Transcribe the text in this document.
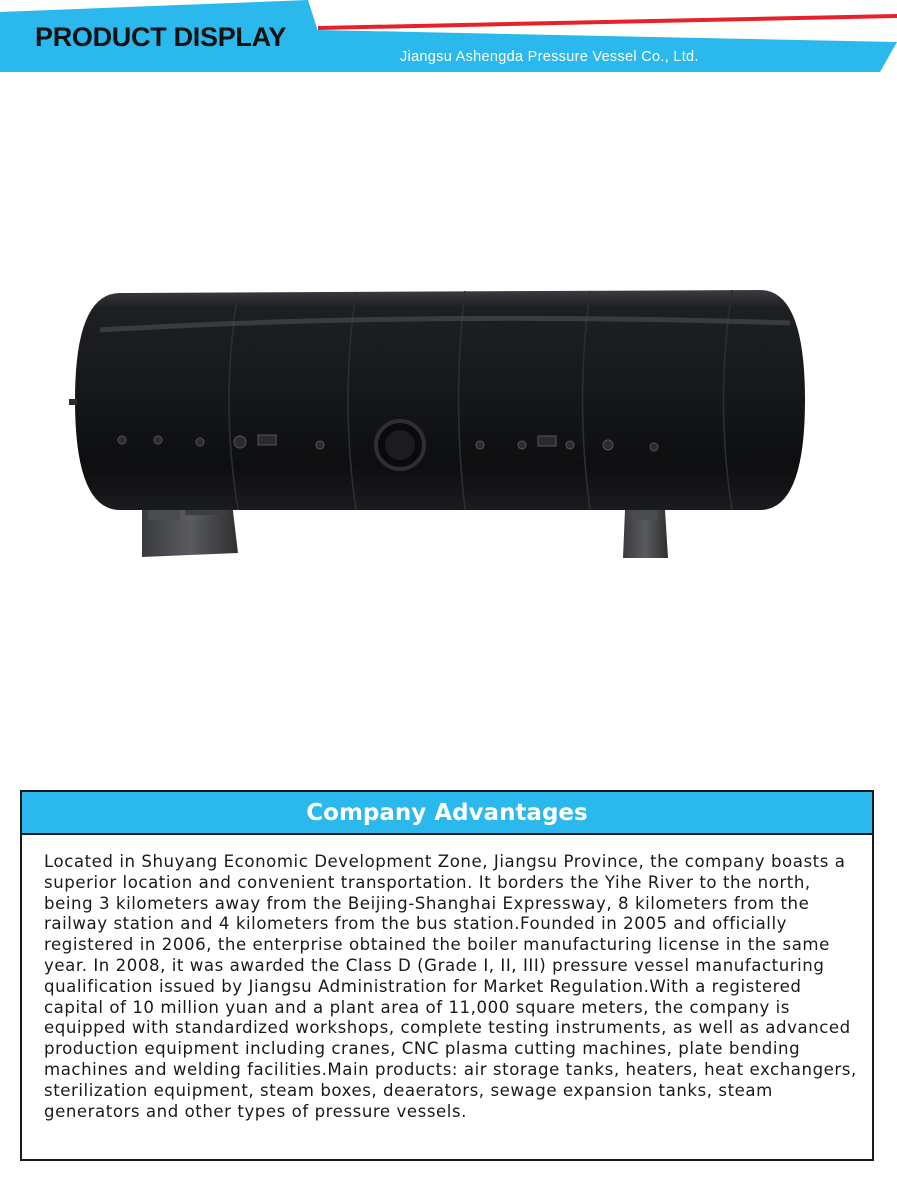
PRODUCT DISPLAY
Jiangsu Ashengda Pressure Vessel Co., Ltd.
Company Advantages
Located in Shuyang Economic Development Zone, Jiangsu Province, the company boasts a superior location and convenient transportation. It borders the Yihe River to the north, being 3 kilometers away from the Beijing-Shanghai Expressway, 8 kilometers from the railway station and 4 kilometers from the bus station.Founded in 2005 and officially registered in 2006, the enterprise obtained the boiler manufacturing license in the same year. In 2008, it was awarded the Class D (Grade I, II, III) pressure vessel manufacturing qualification issued by Jiangsu Administration for Market Regulation.With a registered capital of 10 million yuan and a plant area of 11,000 square meters, the company is equipped with standardized workshops, complete testing instruments, as well as advanced production equipment including cranes, CNC plasma cutting machines, plate bending machines and welding facilities.Main products: air storage tanks, heaters, heat exchangers, sterilization equipment, steam boxes, deaerators, sewage expansion tanks, steam generators and other types of pressure vessels.
